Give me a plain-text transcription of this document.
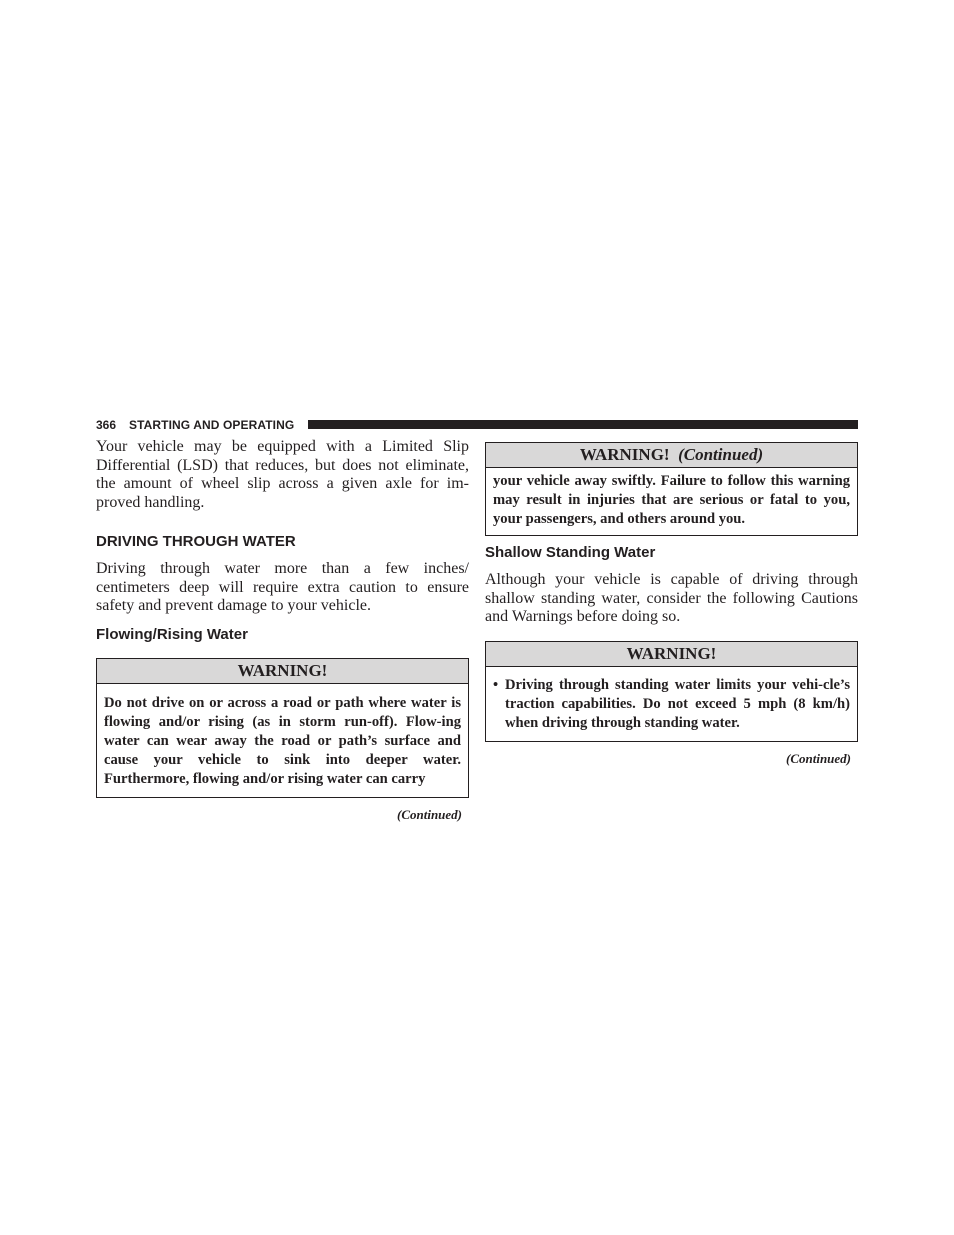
366 STARTING AND OPERATING

Your vehicle may be equipped with a Limited Slip Differential (LSD) that reduces, but does not eliminate, the amount of wheel slip across a given axle for im-proved handling.

DRIVING THROUGH WATER

Driving through water more than a few inches/ centimeters deep will require extra caution to ensure safety and prevent damage to your vehicle.

Flowing/Rising Water
WARNING!
Do not drive on or across a road or path where water is flowing and/or rising (as in storm run-off). Flow-ing water can wear away the road or path’s surface and cause your vehicle to sink into deeper water. Furthermore, flowing and/or rising water can carry
(Continued)
WARNING! (Continued)
your vehicle away swiftly. Failure to follow this warning may result in injuries that are serious or fatal to you, your passengers, and others around you.
Shallow Standing Water

Although your vehicle is capable of driving through shallow standing water, consider the following Cautions and Warnings before doing so.

WARNING!
• Driving through standing water limits your vehi-cle’s traction capabilities. Do not exceed 5 mph (8 km/h) when driving through standing water.
(Continued)
